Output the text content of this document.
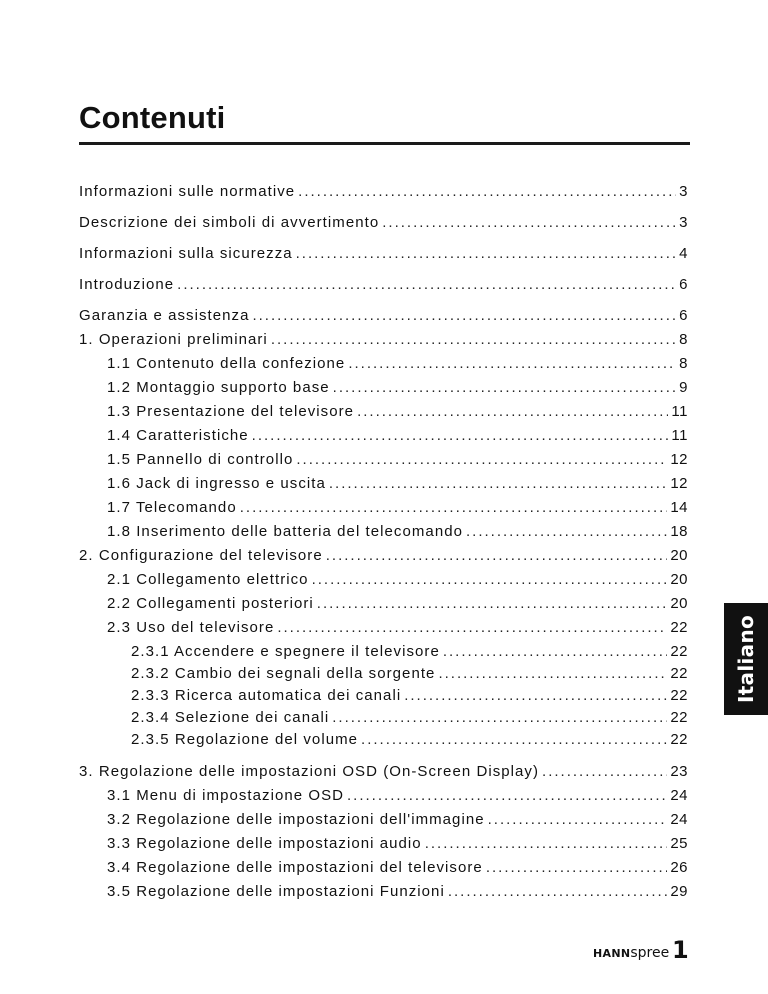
Contenuti
Informazioni sulle normative .....	3
Descrizione dei simboli di avvertimento .....	3
Informazioni sulla sicurezza .....	4
Introduzione .....	6
Garanzia e assistenza .....	6
1. Operazioni preliminari .....	8
1.1 Contenuto della confezione .....	8
1.2 Montaggio supporto base .....	9
1.3 Presentazione del televisore .....	11
1.4 Caratteristiche .....	11
1.5 Pannello di controllo .....	12
1.6 Jack di ingresso e uscita .....	12
1.7 Telecomando .....	14
1.8 Inserimento delle batteria del telecomando .....	18
2. Configurazione del televisore .....	20
2.1 Collegamento elettrico .....	20
2.2 Collegamenti posteriori .....	20
2.3 Uso del televisore .....	22
2.3.1 Accendere e spegnere il televisore .....	22
2.3.2 Cambio dei segnali della sorgente .....	22
2.3.3 Ricerca automatica dei canali .....	22
2.3.4 Selezione dei canali .....	22
2.3.5 Regolazione del volume .....	22
3. Regolazione delle impostazioni OSD (On-Screen Display) .....	23
3.1 Menu di impostazione OSD .....	24
3.2 Regolazione delle impostazioni dell'immagine .....	24
3.3 Regolazione delle impostazioni audio .....	25
3.4 Regolazione delle impostazioni del televisore .....	26
3.5 Regolazione delle impostazioni Funzioni .....	29
Italiano
HANNspree 1
